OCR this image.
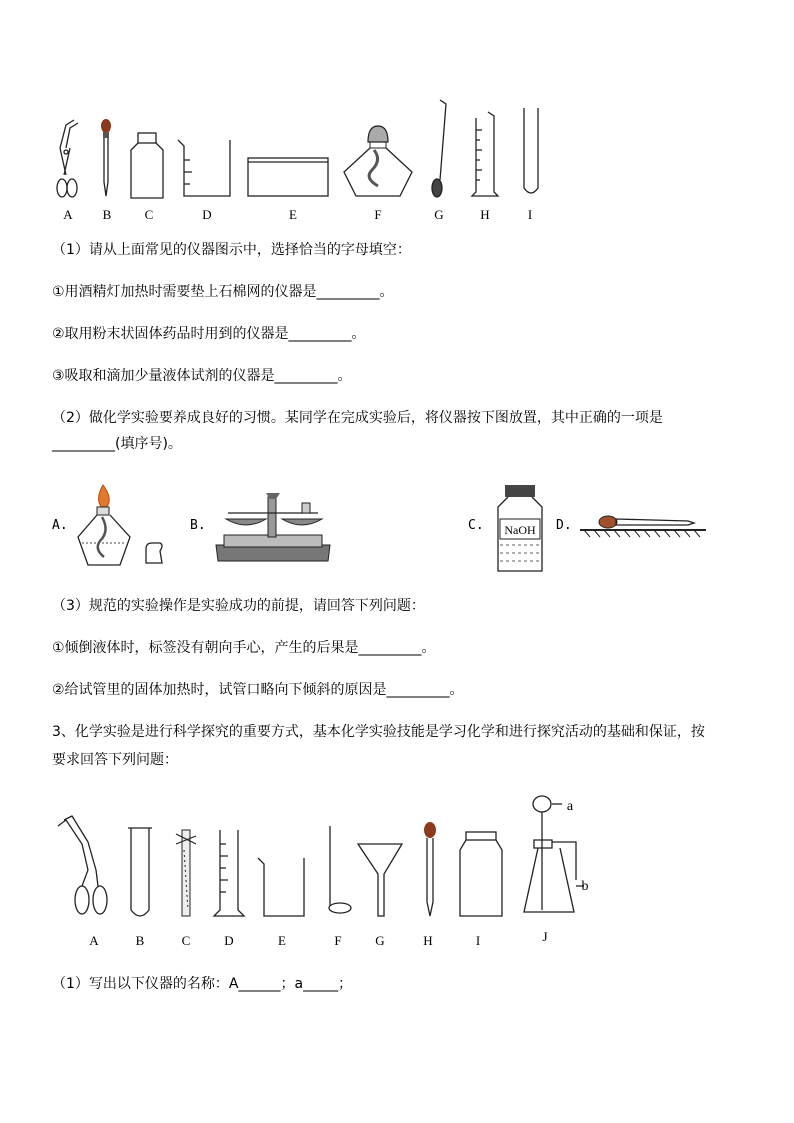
A	B	C	D	E	F	G	H	I
（1）请从上面常见的仪器图示中，选择恰当的字母填空：
①用酒精灯加热时需要垫上石棉网的仪器是_________。
②取用粉末状固体药品时用到的仪器是_________。
③吸取和滴加少量液体试剂的仪器是_________。
（2）做化学实验要养成良好的习惯。某同学在完成实验后，将仪器按下图放置，其中正确的一项是
_________(填序号)。
A.	B.	C.	D.
NaOH
（3）规范的实验操作是实验成功的前提，请回答下列问题：
①倾倒液体时，标签没有朝向手心，产生的后果是_________。
②给试管里的固体加热时，试管口略向下倾斜的原因是_________。
3、化学实验是进行科学探究的重要方式，基本化学实验技能是学习化学和进行探究活动的基础和保证，按
要求回答下列问题：
a
b
A	B	C	D	E	F	G	H	I	J
（1）写出以下仪器的名称：A______；a_____；
